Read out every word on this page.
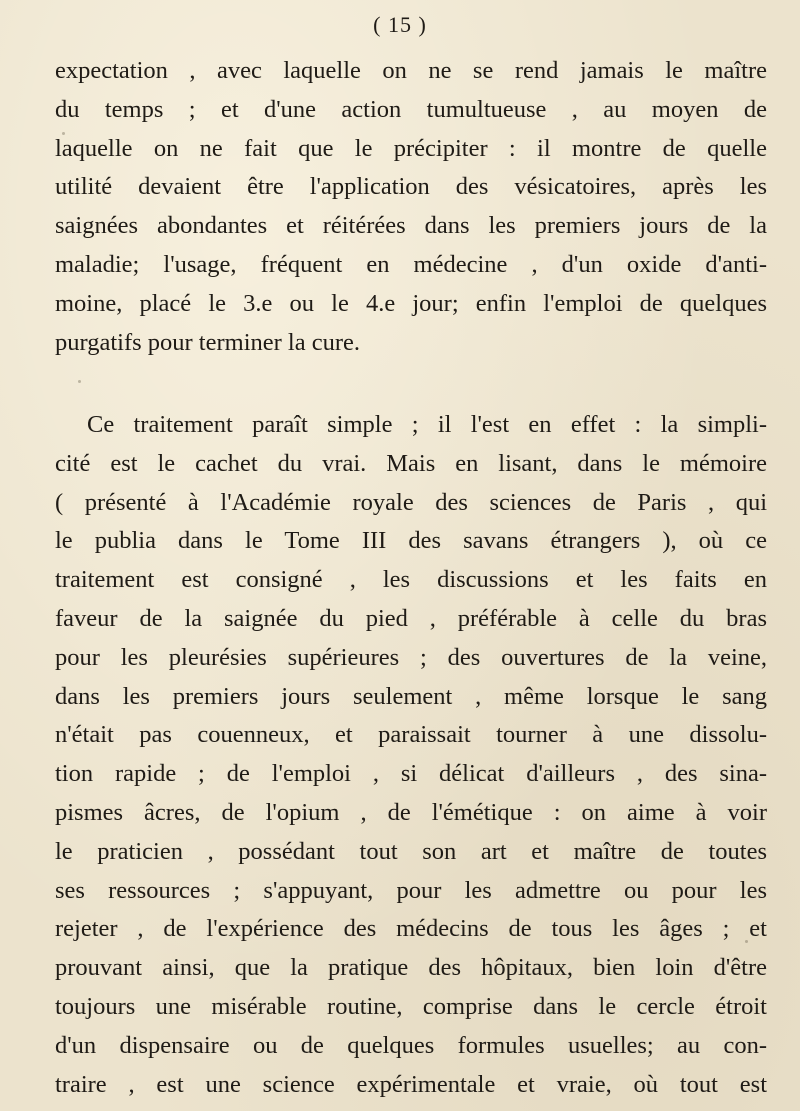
( 15 )
expectation , avec laquelle on ne se rend jamais le maître
du temps ; et d'une action tumultueuse , au moyen de
laquelle on ne fait que le précipiter : il montre de quelle
utilité devaient être l'application des vésicatoires, après les
saignées abondantes et réitérées dans les premiers jours de la
maladie; l'usage, fréquent en médecine , d'un oxide d'anti-
moine, placé le 3.e ou le 4.e jour; enfin l'emploi de quelques
purgatifs pour terminer la cure.
Ce traitement paraît simple ; il l'est en effet : la simpli-
cité est le cachet du vrai. Mais en lisant, dans le mémoire
( présenté à l'Académie royale des sciences de Paris , qui
le publia dans le Tome III des savans étrangers ), où ce
traitement est consigné , les discussions et les faits en
faveur de la saignée du pied , préférable à celle du bras
pour les pleurésies supérieures ; des ouvertures de la veine,
dans les premiers jours seulement , même lorsque le sang
n'était pas couenneux, et paraissait tourner à une dissolu-
tion rapide ; de l'emploi , si délicat d'ailleurs , des sina-
pismes âcres, de l'opium , de l'émétique : on aime à voir
le praticien , possédant tout son art et maître de toutes
ses ressources ; s'appuyant, pour les admettre ou pour les
rejeter , de l'expérience des médecins de tous les âges ; et
prouvant ainsi, que la pratique des hôpitaux, bien loin d'être
toujours une misérable routine, comprise dans le cercle étroit
d'un dispensaire ou de quelques formules usuelles; au con-
traire , est une science expérimentale et vraie, où tout est
